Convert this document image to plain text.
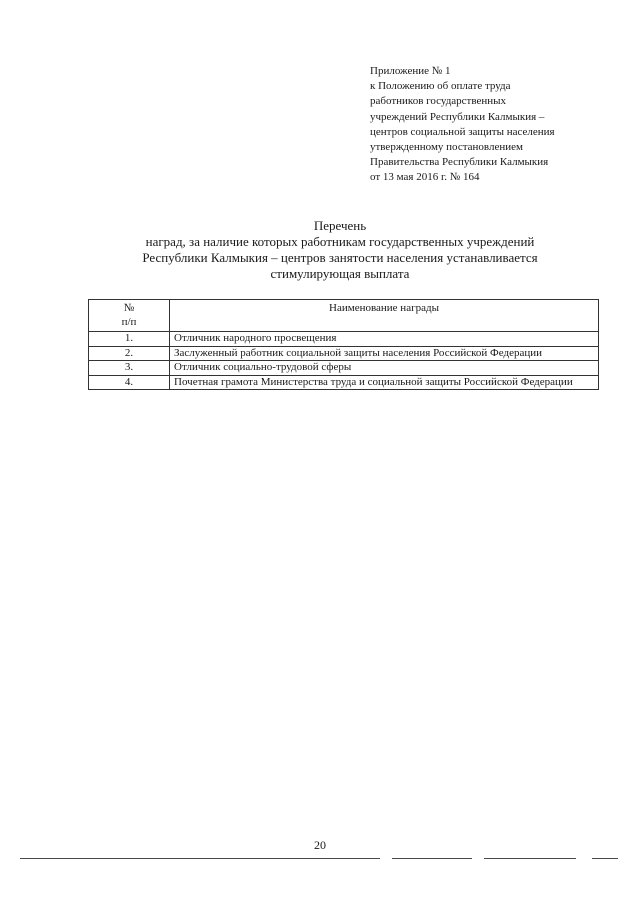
Приложение № 1
к Положению об оплате труда
работников государственных
учреждений Республики Калмыкия –
центров социальной защиты населения
утвержденному постановлением
Правительства Республики Калмыкия
от 13 мая 2016 г. № 164
Перечень
наград, за наличие которых работникам государственных учреждений
Республики Калмыкия – центров занятости населения устанавливается
стимулирующая выплата
№
п/п	Наименование награды
1.	Отличник народного просвещения
2.	Заслуженный работник социальной защиты населения Российской Федерации
3.	Отличник социально-трудовой сферы
4.	Почетная грамота Министерства труда и социальной защиты Российской Федерации
20
